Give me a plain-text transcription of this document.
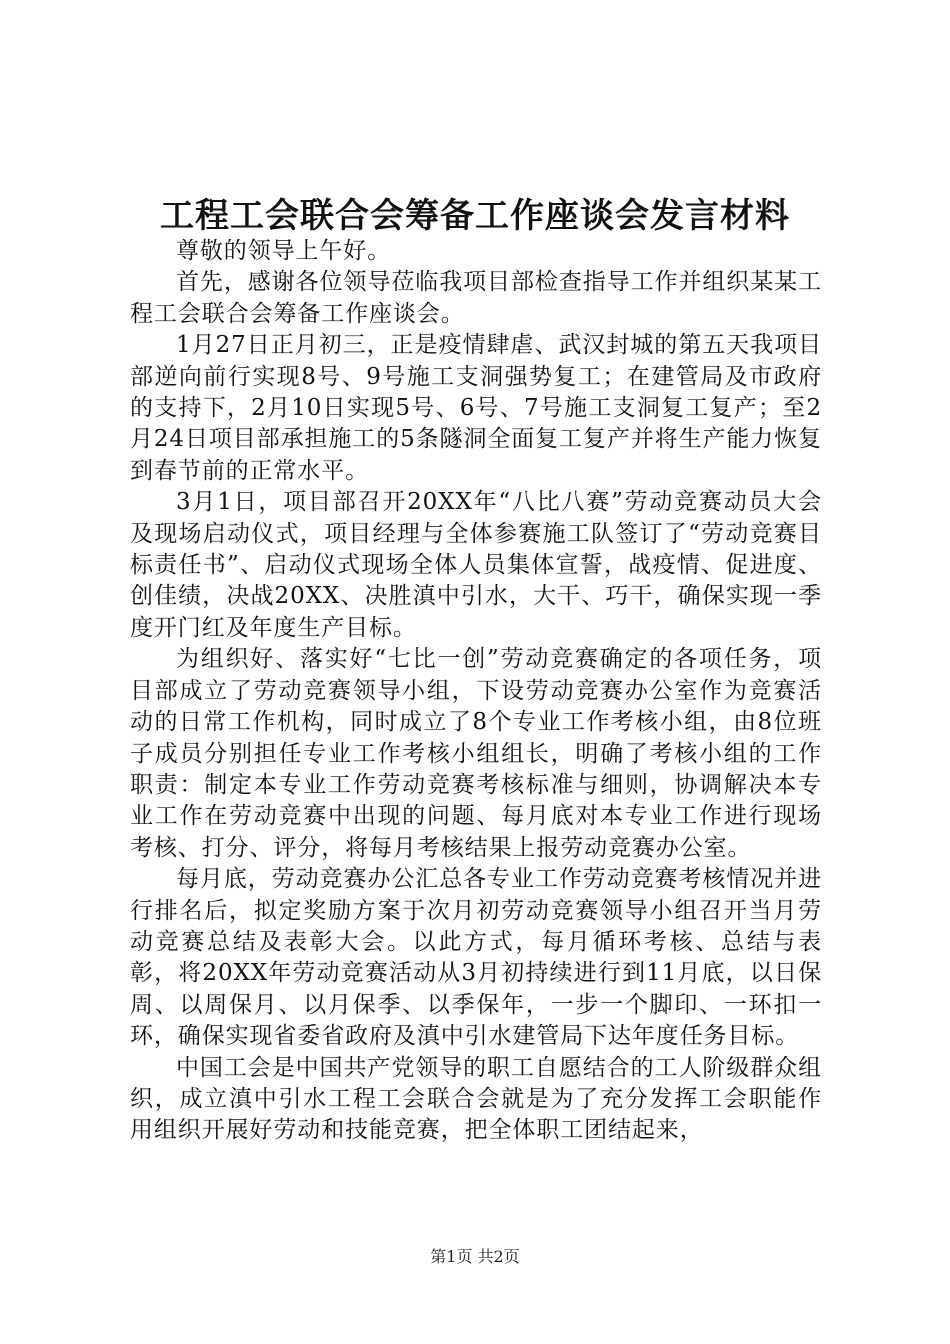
工程工会联合会筹备工作座谈会发言材料

尊敬的领导上午好。

首先，感谢各位领导莅临我项目部检查指导工作并组织某某工程工会联合会筹备工作座谈会。

1月27日正月初三，正是疫情肆虐、武汉封城的第五天我项目部逆向前行实现8号、9号施工支洞强势复工；在建管局及市政府的支持下，2月10日实现5号、6号、7号施工支洞复工复产；至2月24日项目部承担施工的5条隧洞全面复工复产并将生产能力恢复到春节前的正常水平。

3月1日，项目部召开20XX年“八比八赛”劳动竞赛动员大会及现场启动仪式，项目经理与全体参赛施工队签订了“劳动竞赛目标责任书”、启动仪式现场全体人员集体宣誓，战疫情、促进度、创佳绩，决战20XX、决胜滇中引水，大干、巧干，确保实现一季度开门红及年度生产目标。

为组织好、落实好“七比一创”劳动竞赛确定的各项任务，项目部成立了劳动竞赛领导小组，下设劳动竞赛办公室作为竞赛活动的日常工作机构，同时成立了8个专业工作考核小组，由8位班子成员分别担任专业工作考核小组组长，明确了考核小组的工作职责：制定本专业工作劳动竞赛考核标准与细则，协调解决本专业工作在劳动竞赛中出现的问题、每月底对本专业工作进行现场考核、打分、评分，将每月考核结果上报劳动竞赛办公室。

每月底，劳动竞赛办公汇总各专业工作劳动竞赛考核情况并进行排名后，拟定奖励方案于次月初劳动竞赛领导小组召开当月劳动竞赛总结及表彰大会。以此方式，每月循环考核、总结与表彰，将20XX年劳动竞赛活动从3月初持续进行到11月底，以日保周、以周保月、以月保季、以季保年，一步一个脚印、一环扣一环，确保实现省委省政府及滇中引水建管局下达年度任务目标。

中国工会是中国共产党领导的职工自愿结合的工人阶级群众组织，成立滇中引水工程工会联合会就是为了充分发挥工会职能作用组织开展好劳动和技能竞赛，把全体职工团结起来，

第1页 共2页
